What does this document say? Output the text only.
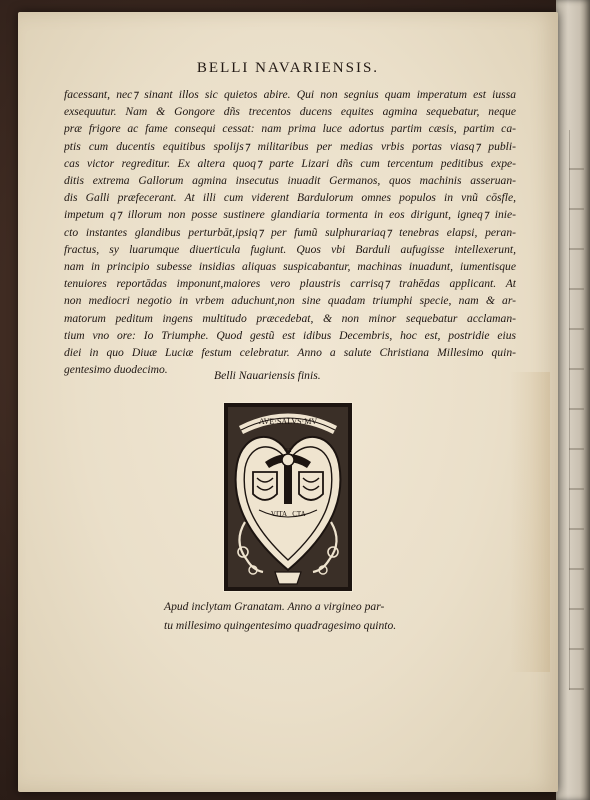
BELLI NAVARIENSIS.
facessant, nec⁊ sinant illos sic quietos abire. Qui non segnius quam imperatum est iussa
exsequutur. Nam & Gongore dñs trecentos ducens equites agmina sequebatur, neque
præ frigore ac fame consequi cessat: nam prima luce adortus partim cæsis, partim ca-
ptis cum ducentis equitibus spolijs⁊ militaribus per medias vrbis portas viasq⁊ publi-
cas victor regreditur. Ex altera quoq⁊ parte Lizari dñs cum tercentum peditibus expe-
ditis extrema Gallorum agmina insecutus inuadit Germanos, quos machinis asseruan-
dis Galli præfecerant. At illi cum viderent Bardulorum omnes populos in vnũ cōsfle,
impetum q⁊ illorum non posse sustinere glandiaria tormenta in eos dirigunt, igneq⁊ inie-
cto instantes glandibus perturbāt,ipsiq⁊ per fumũ sulphurariaq⁊ tenebras elapsi, peran-
fractus, sy luarumque diuerticula fugiunt. Quos vbi Barduli aufugisse intellexerunt,
nam in principio subesse insidias aliquas suspicabantur, machinas inuadunt, iumentisque
tenuiores reportādas imponunt,maiores vero plaustris carrisq⁊ trahēdas applicant. At
non mediocri negotio in vrbem aduchunt,non sine quadam triumphi specie, nam & ar-
matorum peditum ingens multitudo præcedebat, & non minor sequebatur acclaman-
tium vno ore: Io Triumphe. Quod gestũ est idibus Decembris, hoc est, postridie eius
diei in quo Diuæ Luciæ festum celebratur. Anno a salute Christiana Millesimo quin-
gentesimo duodecimo.	Belli Nauariensis finis.
AVE·SALVS·MV
·ST
VITA CTA
Apud inclytam Granatam. Anno a virgineo par-
tu millesimo quingentesimo quadragesimo quinto.
